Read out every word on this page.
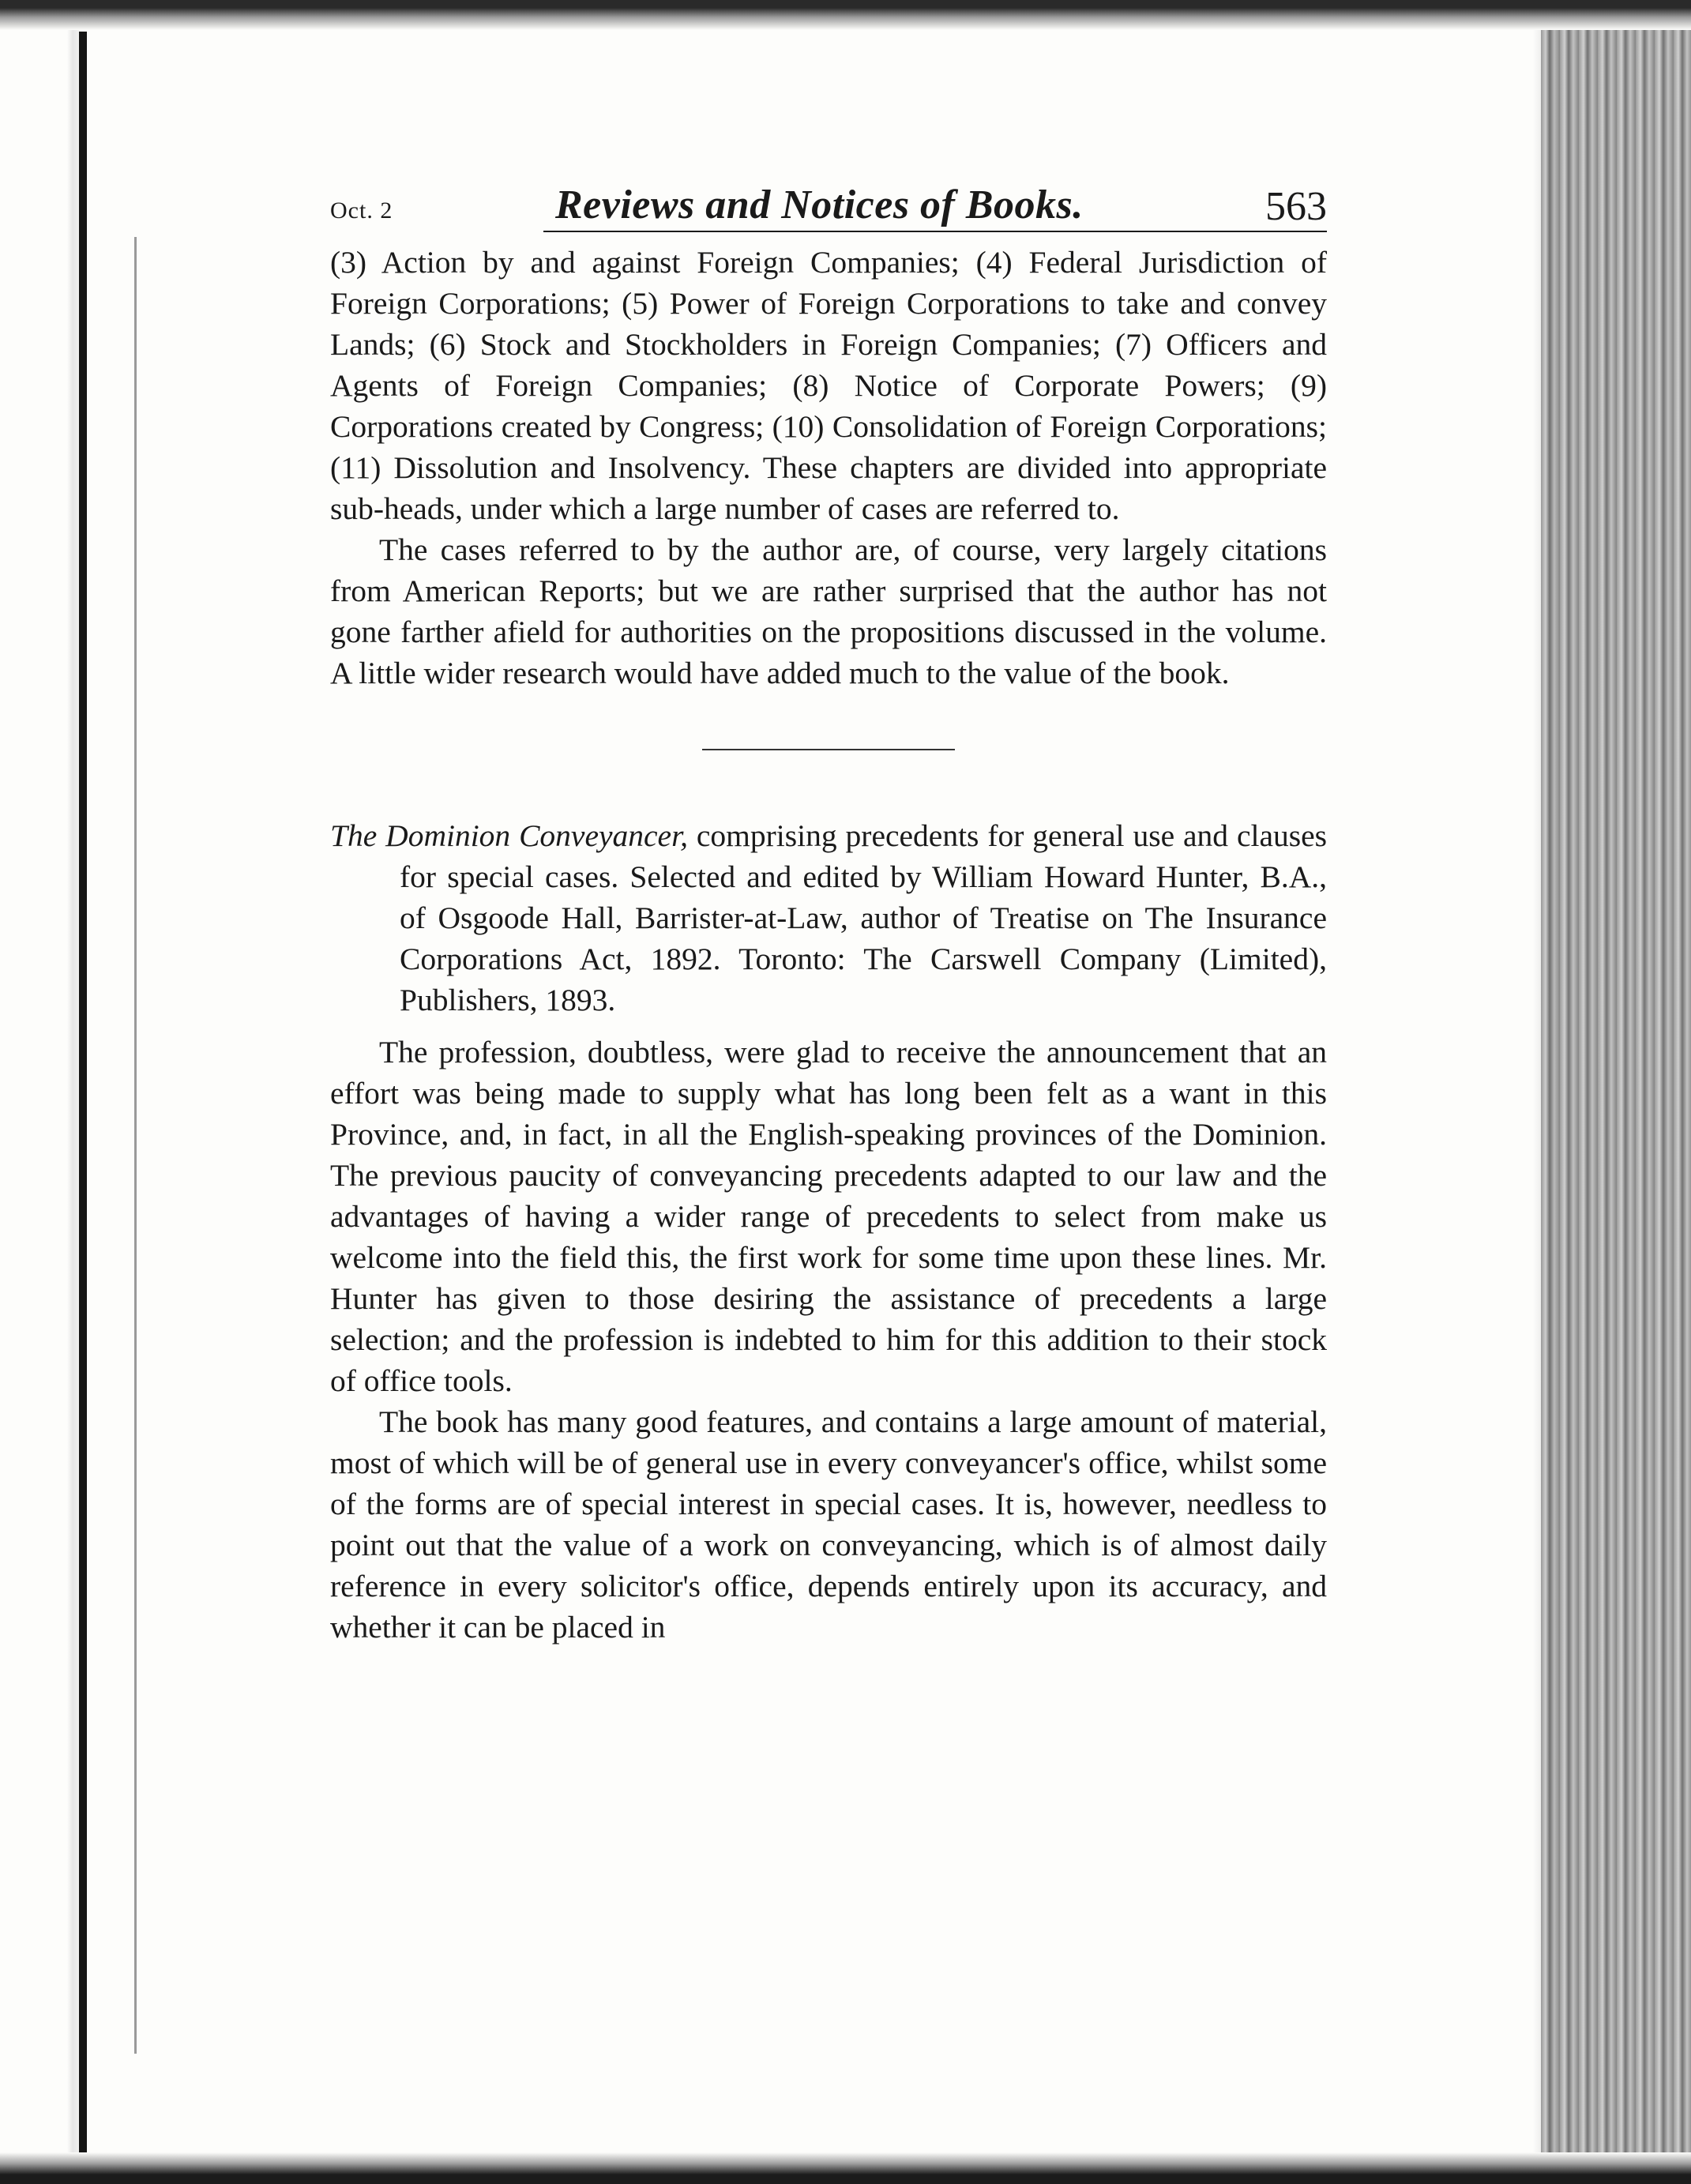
Oct. 2	Reviews and Notices of Books.	563

(3) Action by and against Foreign Companies; (4) Federal Jurisdiction of Foreign Corporations; (5) Power of Foreign Corporations to take and convey Lands; (6) Stock and Stockholders in Foreign Companies; (7) Officers and Agents of Foreign Companies; (8) Notice of Corporate Powers; (9) Corporations created by Congress; (10) Consolidation of Foreign Corporations; (11) Dissolution and Insolvency. These chapters are divided into appropriate sub-heads, under which a large number of cases are referred to.

The cases referred to by the author are, of course, very largely citations from American Reports; but we are rather surprised that the author has not gone farther afield for authorities on the propositions discussed in the volume. A little wider research would have added much to the value of the book.

The Dominion Conveyancer, comprising precedents for general use and clauses for special cases. Selected and edited by William Howard Hunter, B.A., of Osgoode Hall, Barrister-at-Law, author of Treatise on The Insurance Corporations Act, 1892. Toronto: The Carswell Company (Limited), Publishers, 1893.

The profession, doubtless, were glad to receive the announcement that an effort was being made to supply what has long been felt as a want in this Province, and, in fact, in all the English-speaking provinces of the Dominion. The previous paucity of conveyancing precedents adapted to our law and the advantages of having a wider range of precedents to select from make us welcome into the field this, the first work for some time upon these lines. Mr. Hunter has given to those desiring the assistance of precedents a large selection; and the profession is indebted to him for this addition to their stock of office tools.

The book has many good features, and contains a large amount of material, most of which will be of general use in every conveyancer's office, whilst some of the forms are of special interest in special cases. It is, however, needless to point out that the value of a work on conveyancing, which is of almost daily reference in every solicitor's office, depends entirely upon its accuracy, and whether it can be placed in
